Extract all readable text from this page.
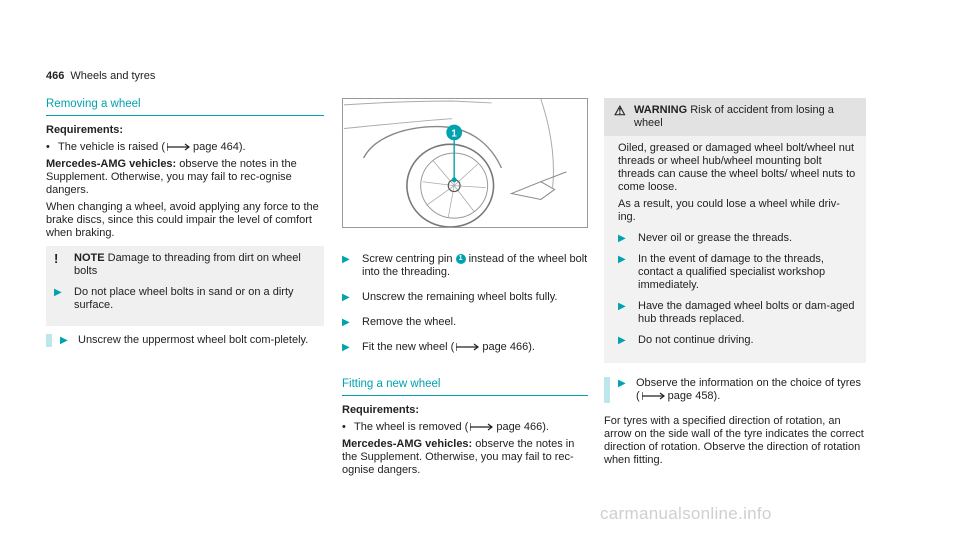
466 Wheels and tyres
Removing a wheel
Requirements:
• The vehicle is raised (	page 464).
Mercedes-AMG vehicles: observe the notes in the Supplement. Otherwise, you may fail to rec-ognise dangers.
When changing a wheel, avoid applying any force to the brake discs, since this could impair the level of comfort when braking.
!	NOTE Damage to threading from dirt on wheel bolts
▶	Do not place wheel bolts in sand or on a dirty surface.
▶ Unscrew the uppermost wheel bolt com-pletely.
1
▶	Screw centring pin 1 instead of the wheel bolt into the threading.
▶	Unscrew the remaining wheel bolts fully.
▶	Remove the wheel.
▶	Fit the new wheel (	page 466).
Fitting a new wheel
Requirements:
• The wheel is removed (	page 466).
Mercedes-AMG vehicles: observe the notes in the Supplement. Otherwise, you may fail to rec-ognise dangers.
⚠ WARNING Risk of accident from losing a wheel
Oiled, greased or damaged wheel bolt/wheel nut threads or wheel hub/wheel mounting bolt threads can cause the wheel bolts/ wheel nuts to come loose.
As a result, you could lose a wheel while driv-ing.
▶	Never oil or grease the threads.
▶	In the event of damage to the threads, contact a qualified specialist workshop immediately.
▶	Have the damaged wheel bolts or dam-aged hub threads replaced.
▶	Do not continue driving.
▶ Observe the information on the choice of tyres (	page 458).
For tyres with a specified direction of rotation, an arrow on the side wall of the tyre indicates the correct direction of rotation. Observe the direction of rotation when fitting.
carmanualsonline.info
